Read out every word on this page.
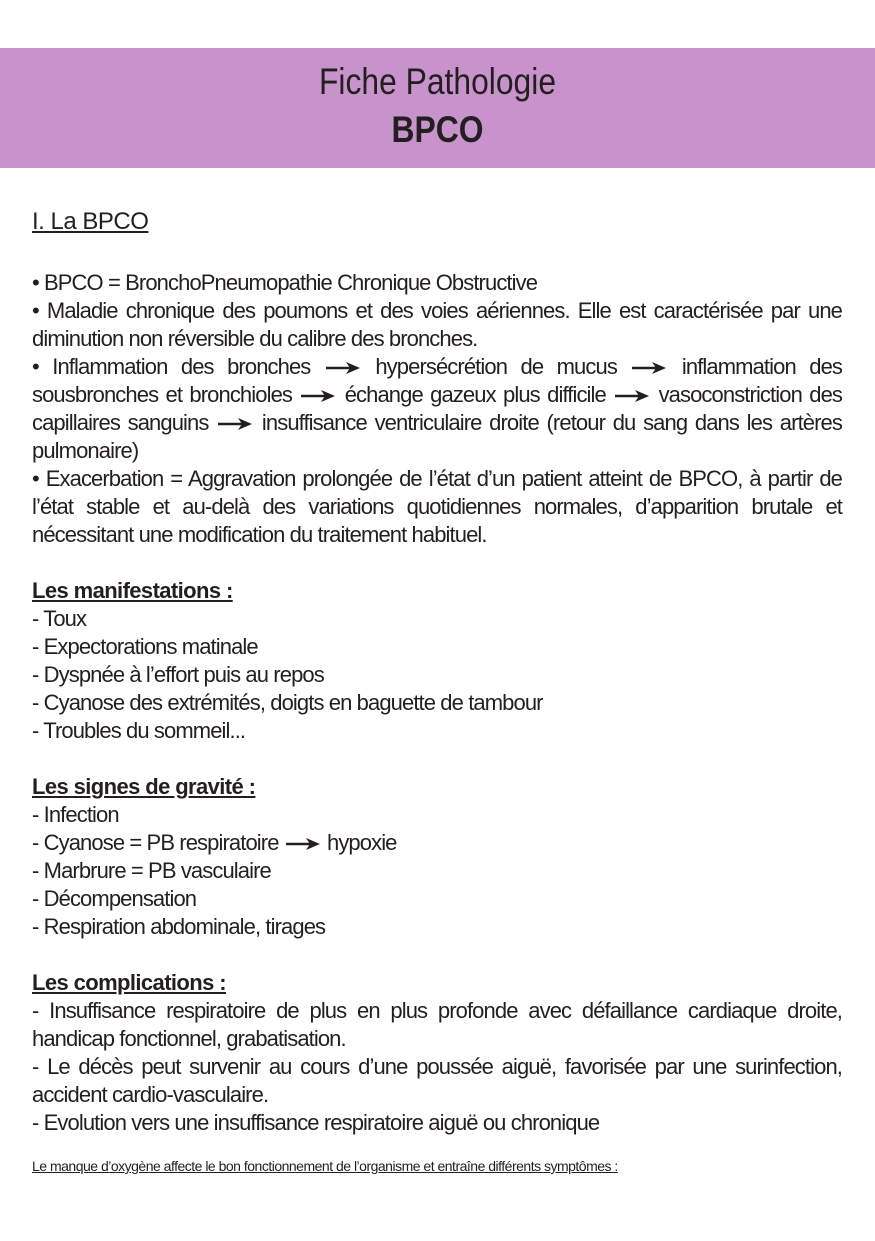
Fiche Pathologie
BPCO
I. La BPCO
• BPCO = BronchoPneumopathie Chronique Obstructive
• Maladie chronique des poumons et des voies aériennes. Elle est caractérisée par une diminution non réversible du calibre des bronches.
• Inflammation des bronches	hypersécrétion de mucus	inflammation des sousbronches et bronchioles échange gazeux plus difficile vasoconstriction des capillaires sanguins insuffisance ventriculaire droite (retour du sang dans les artères pulmonaire)
• Exacerbation = Aggravation prolongée de l’état d’un patient atteint de BPCO, à partir de l’état stable et au-delà des variations quotidiennes normales, d’apparition brutale et nécessitant une modification du traitement habituel.
Les manifestations :
- Toux
- Expectorations matinale
- Dyspnée à l’effort puis au repos
- Cyanose des extrémités, doigts en baguette de tambour
- Troubles du sommeil...
Les signes de gravité :
- Infection
- Cyanose = PB respiratoire hypoxie
- Marbrure = PB vasculaire
- Décompensation
- Respiration abdominale, tirages
Les complications :
- Insuffisance respiratoire de plus en plus profonde avec défaillance cardiaque droite, handicap fonctionnel, grabatisation.
- Le décès peut survenir au cours d’une poussée aiguë, favorisée par une surinfection, accident cardio-vasculaire.
- Evolution vers une insuffisance respiratoire aiguë ou chronique
Le manque d’oxygène affecte le bon fonctionnement de l’organisme et entraîne différents symptômes :
